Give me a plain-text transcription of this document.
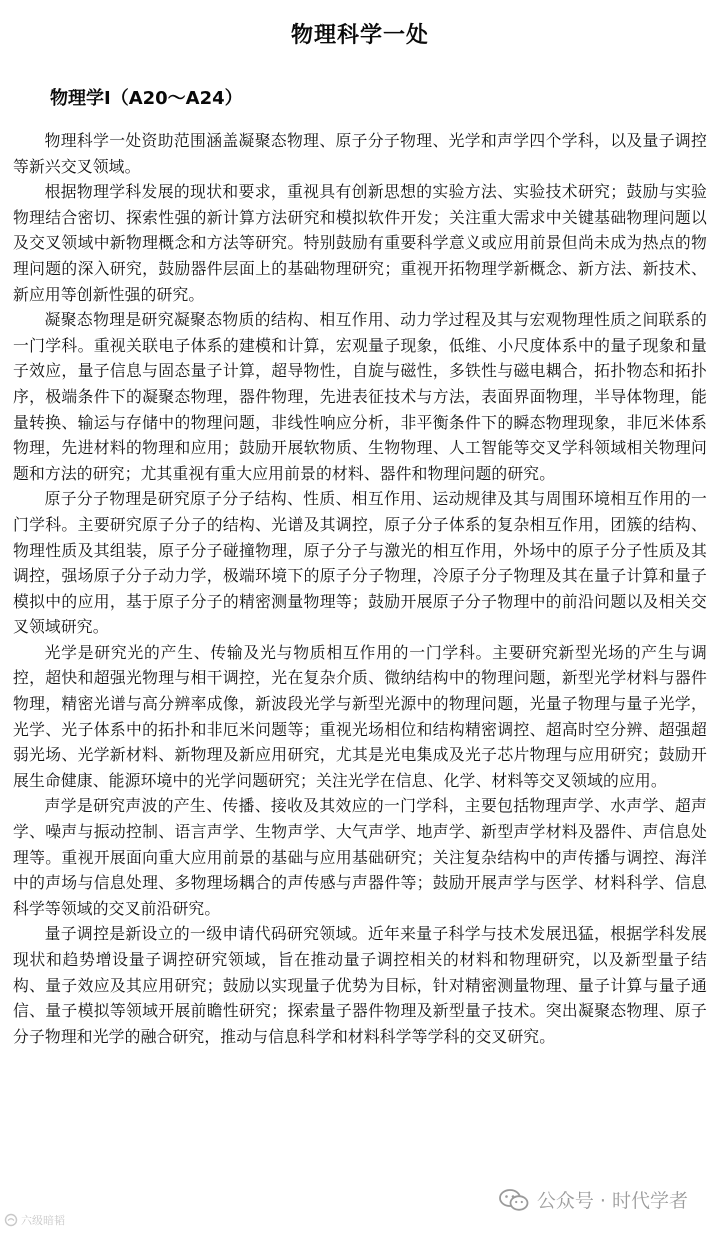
物理科学一处
物理学Ⅰ（A20～A24）

物理科学一处资助范围涵盖凝聚态物理、原子分子物理、光学和声学四个学科，以及量子调控等新兴交叉领域。

根据物理学科发展的现状和要求，重视具有创新思想的实验方法、实验技术研究；鼓励与实验物理结合密切、探索性强的新计算方法研究和模拟软件开发；关注重大需求中关键基础物理问题以及交叉领域中新物理概念和方法等研究。特别鼓励有重要科学意义或应用前景但尚未成为热点的物理问题的深入研究，鼓励器件层面上的基础物理研究；重视开拓物理学新概念、新方法、新技术、新应用等创新性强的研究。

凝聚态物理是研究凝聚态物质的结构、相互作用、动力学过程及其与宏观物理性质之间联系的一门学科。重视关联电子体系的建模和计算，宏观量子现象，低维、小尺度体系中的量子现象和量子效应，量子信息与固态量子计算，超导物性，自旋与磁性，多铁性与磁电耦合，拓扑物态和拓扑序，极端条件下的凝聚态物理，器件物理，先进表征技术与方法，表面界面物理，半导体物理，能量转换、输运与存储中的物理问题，非线性响应分析，非平衡条件下的瞬态物理现象，非厄米体系物理，先进材料的物理和应用；鼓励开展软物质、生物物理、人工智能等交叉学科领域相关物理问题和方法的研究；尤其重视有重大应用前景的材料、器件和物理问题的研究。

原子分子物理是研究原子分子结构、性质、相互作用、运动规律及其与周围环境相互作用的一门学科。主要研究原子分子的结构、光谱及其调控，原子分子体系的复杂相互作用，团簇的结构、物理性质及其组装，原子分子碰撞物理，原子分子与激光的相互作用，外场中的原子分子性质及其调控，强场原子分子动力学，极端环境下的原子分子物理，冷原子分子物理及其在量子计算和量子模拟中的应用，基于原子分子的精密测量物理等；鼓励开展原子分子物理中的前沿问题以及相关交叉领域研究。

光学是研究光的产生、传输及光与物质相互作用的一门学科。主要研究新型光场的产生与调控，超快和超强光物理与相干调控，光在复杂介质、微纳结构中的物理问题，新型光学材料与器件物理，精密光谱与高分辨率成像，新波段光学与新型光源中的物理问题，光量子物理与量子光学，光学、光子体系中的拓扑和非厄米问题等；重视光场相位和结构精密调控、超高时空分辨、超强超弱光场、光学新材料、新物理及新应用研究，尤其是光电集成及光子芯片物理与应用研究；鼓励开展生命健康、能源环境中的光学问题研究；关注光学在信息、化学、材料等交叉领域的应用。

声学是研究声波的产生、传播、接收及其效应的一门学科，主要包括物理声学、水声学、超声学、噪声与振动控制、语言声学、生物声学、大气声学、地声学、新型声学材料及器件、声信息处理等。重视开展面向重大应用前景的基础与应用基础研究；关注复杂结构中的声传播与调控、海洋中的声场与信息处理、多物理场耦合的声传感与声器件等；鼓励开展声学与医学、材料科学、信息科学等领域的交叉前沿研究。

量子调控是新设立的一级申请代码研究领域。近年来量子科学与技术发展迅猛，根据学科发展现状和趋势增设量子调控研究领域，旨在推动量子调控相关的材料和物理研究，以及新型量子结构、量子效应及其应用研究；鼓励以实现量子优势为目标，针对精密测量物理、量子计算与量子通信、量子模拟等领域开展前瞻性研究；探索量子器件物理及新型量子技术。突出凝聚态物理、原子分子物理和光学的融合研究，推动与信息科学和材料科学等学科的交叉研究。

公众号 · 时代学者
六级暗韬
